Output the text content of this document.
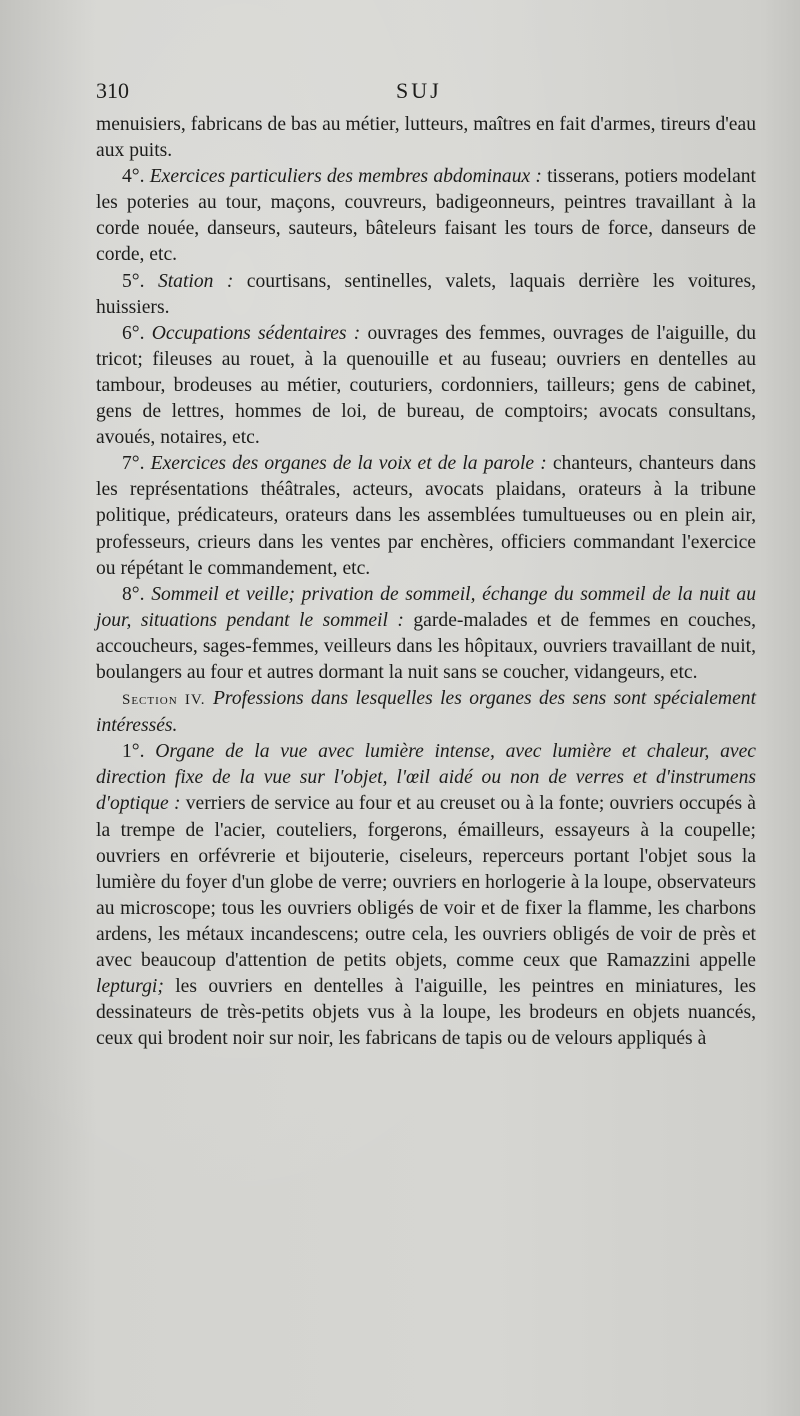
310	SUJ

menuisiers, fabricans de bas au métier, lutteurs, maîtres en fait d'armes, tireurs d'eau aux puits.

4°. Exercices particuliers des membres abdominaux : tisserans, potiers modelant les poteries au tour, maçons, couvreurs, badigeonneurs, peintres travaillant à la corde nouée, danseurs, sauteurs, bâteleurs faisant les tours de force, danseurs de corde, etc.

5°. Station : courtisans, sentinelles, valets, laquais derrière les voitures, huissiers.

6°. Occupations sédentaires : ouvrages des femmes, ouvrages de l'aiguille, du tricot; fileuses au rouet, à la quenouille et au fuseau; ouvriers en dentelles au tambour, brodeuses au métier, couturiers, cordonniers, tailleurs; gens de cabinet, gens de lettres, hommes de loi, de bureau, de comptoirs; avocats consultans, avoués, notaires, etc.

7°. Exercices des organes de la voix et de la parole : chanteurs, chanteurs dans les représentations théâtrales, acteurs, avocats plaidans, orateurs à la tribune politique, prédicateurs, orateurs dans les assemblées tumultueuses ou en plein air, professeurs, crieurs dans les ventes par enchères, officiers commandant l'exercice ou répétant le commandement, etc.

8°. Sommeil et veille; privation de sommeil, échange du sommeil de la nuit au jour, situations pendant le sommeil : garde-malades et de femmes en couches, accoucheurs, sages-femmes, veilleurs dans les hôpitaux, ouvriers travaillant de nuit, boulangers au four et autres dormant la nuit sans se coucher, vidangeurs, etc.

Section IV. Professions dans lesquelles les organes des sens sont spécialement intéressés.

1°. Organe de la vue avec lumière intense, avec lumière et chaleur, avec direction fixe de la vue sur l'objet, l'œil aidé ou non de verres et d'instrumens d'optique : verriers de service au four et au creuset ou à la fonte; ouvriers occupés à la trempe de l'acier, couteliers, forgerons, émailleurs, essayeurs à la coupelle; ouvriers en orfévrerie et bijouterie, ciseleurs, reperceurs portant l'objet sous la lumière du foyer d'un globe de verre; ouvriers en horlogerie à la loupe, observateurs au microscope; tous les ouvriers obligés de voir et de fixer la flamme, les charbons ardens, les métaux incandescens; outre cela, les ouvriers obligés de voir de près et avec beaucoup d'attention de petits objets, comme ceux que Ramazzini appelle lepturgi; les ouvriers en dentelles à l'aiguille, les peintres en miniatures, les dessinateurs de très-petits objets vus à la loupe, les brodeurs en objets nuancés, ceux qui brodent noir sur noir, les fabricans de tapis ou de velours appliqués à
